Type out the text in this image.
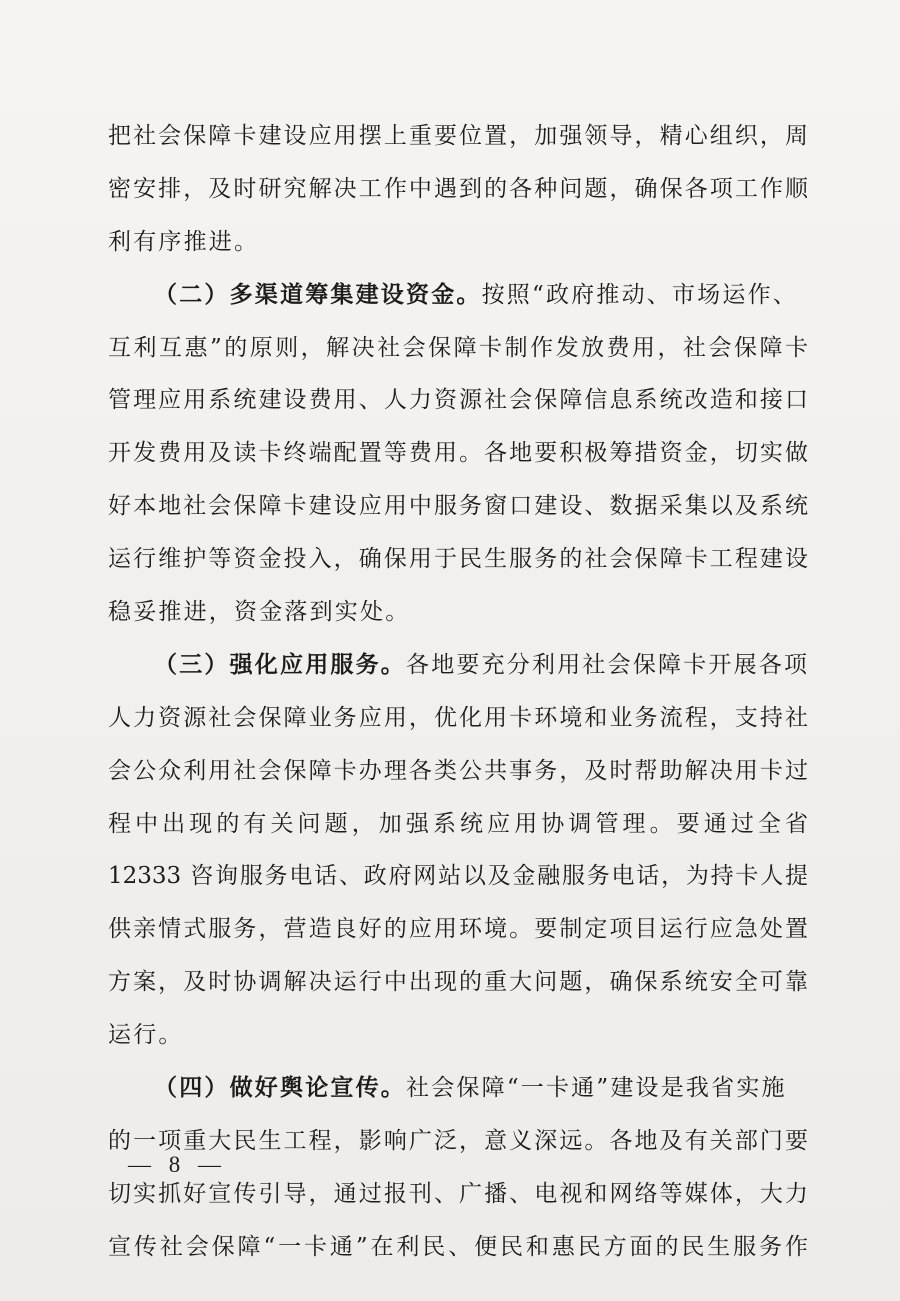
把社会保障卡建设应用摆上重要位置，加强领导，精心组织，周
密安排，及时研究解决工作中遇到的各种问题，确保各项工作顺
利有序推进。
（二）多渠道筹集建设资金。按照“政府推动、市场运作、
互利互惠”的原则，解决社会保障卡制作发放费用，社会保障卡
管理应用系统建设费用、人力资源社会保障信息系统改造和接口
开发费用及读卡终端配置等费用。各地要积极筹措资金，切实做
好本地社会保障卡建设应用中服务窗口建设、数据采集以及系统
运行维护等资金投入，确保用于民生服务的社会保障卡工程建设
稳妥推进，资金落到实处。
（三）强化应用服务。各地要充分利用社会保障卡开展各项
人力资源社会保障业务应用，优化用卡环境和业务流程，支持社
会公众利用社会保障卡办理各类公共事务，及时帮助解决用卡过
程中出现的有关问题，加强系统应用协调管理。要通过全省
12333 咨询服务电话、政府网站以及金融服务电话，为持卡人提
供亲情式服务，营造良好的应用环境。要制定项目运行应急处置
方案，及时协调解决运行中出现的重大问题，确保系统安全可靠
运行。
（四）做好舆论宣传。社会保障“一卡通”建设是我省实施
的一项重大民生工程，影响广泛，意义深远。各地及有关部门要
切实抓好宣传引导，通过报刊、广播、电视和网络等媒体，大力
宣传社会保障“一卡通”在利民、便民和惠民方面的民生服务作
— 8 —
